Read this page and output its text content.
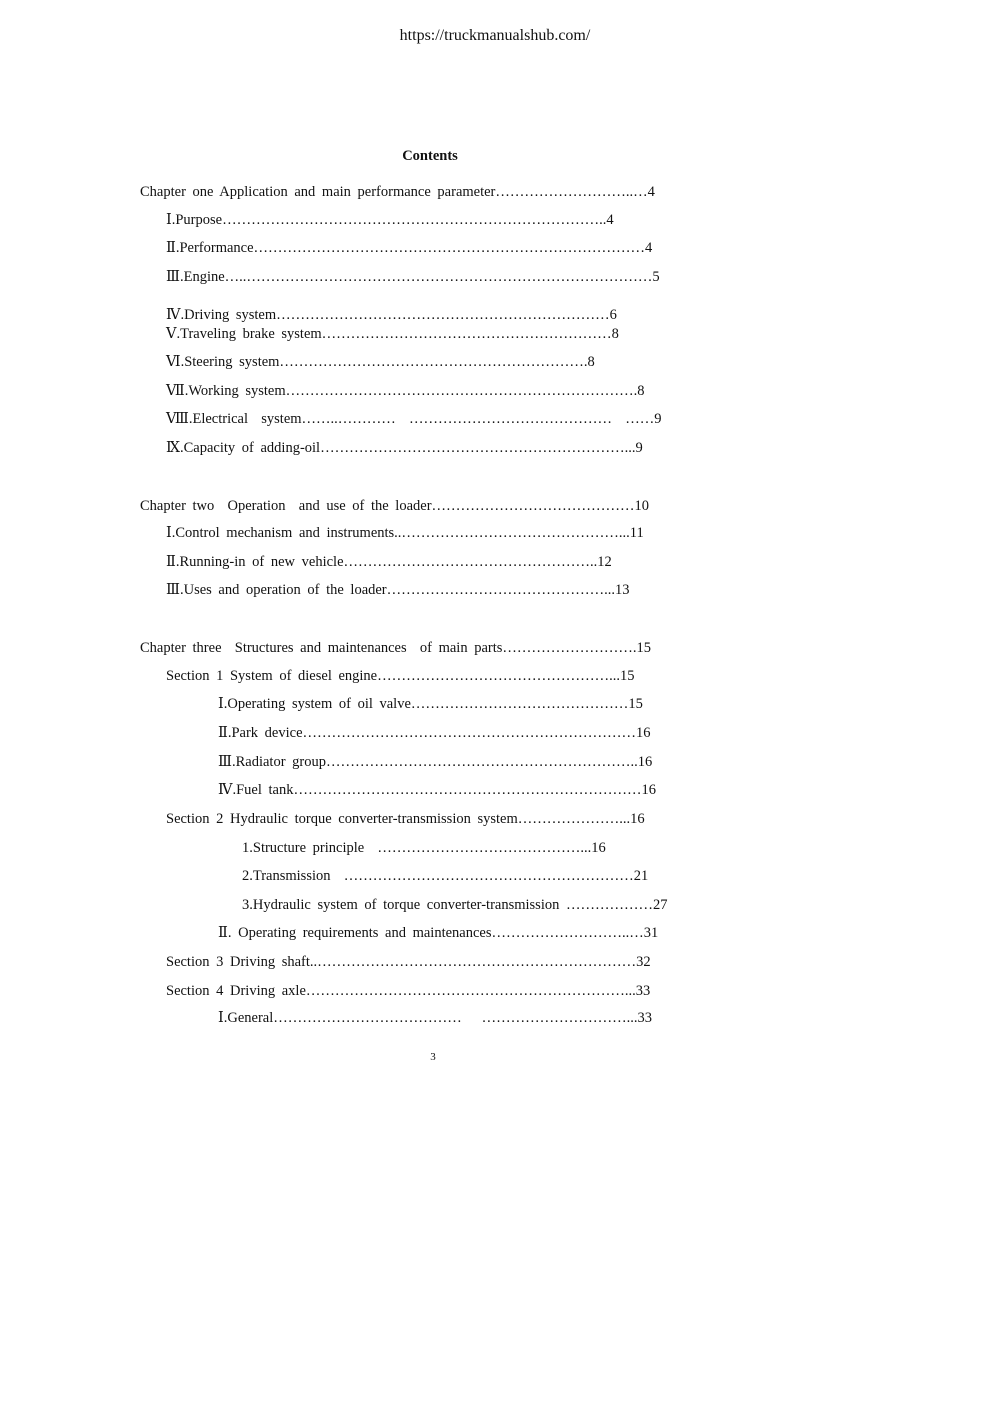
https://truckmanualshub.com/
Contents
Chapter one Application and main performance parameter………………………..…4
Ⅰ.Purpose……………………………………………………………………..4
Ⅱ.Performance………………………………………………………………………4
Ⅲ.Engine…..…………………………………………………………………………5
Ⅳ.Driving system……………………………………………………………6
Ⅴ.Traveling brake system……………………………………………………8
Ⅵ.Steering system……………………………………………………….8
Ⅶ.Working system……………………………………………………………….8
Ⅷ.Electrical  system……..…………  ……………………………………  ……9
Ⅸ.Capacity of adding-oil………………………………………………………...9
Chapter two  Operation  and use of the loader……………………………………10
Ⅰ.Control mechanism and instruments..………………………………………...11
Ⅱ.Running-in of new vehicle……………………………………………..12
Ⅲ.Uses and operation of the loader………………………………………...13
Chapter three  Structures and maintenances  of main parts……………………….15
Section 1 System of diesel engine…………………………………………...15
Ⅰ.Operating system of oil valve………………………………………15
Ⅱ.Park device……………………………………………………………16
Ⅲ.Radiator group………………………………………………………..16
Ⅳ.Fuel tank………………………………………………………………16
Section 2 Hydraulic torque converter-transmission system…………………...16
1.Structure principle  ……………………………………...16
2.Transmission  ……………………………………………………21
3.Hydraulic system of torque converter-transmission ………………27
Ⅱ. Operating requirements and maintenances………………………..…31
Section 3 Driving shaft..…………………………………………………………32
Section 4 Driving axle…………………………………………………………...33
Ⅰ.General…………………………………   …………………………...33
3
